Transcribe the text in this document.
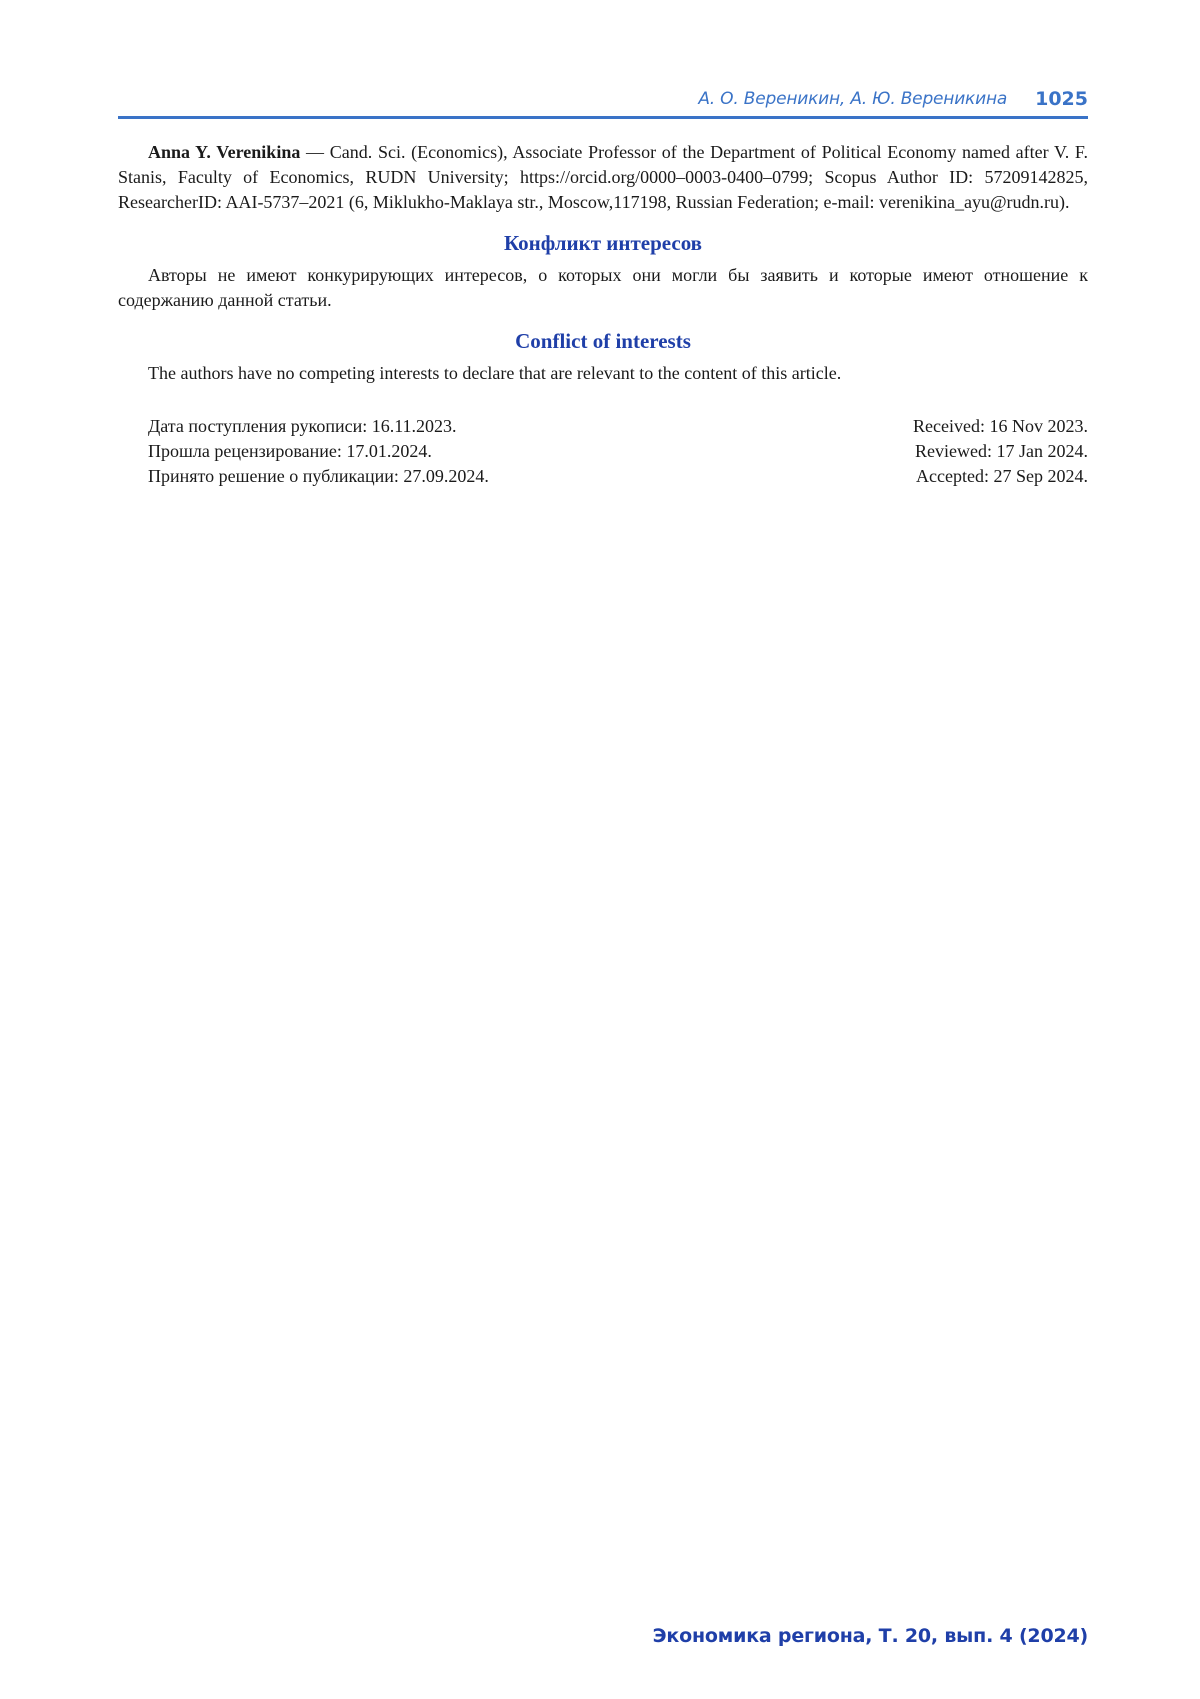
А. О. Вереникин, А. Ю. Вереникина 1025

Anna Y. Verenikina — Cand. Sci. (Economics), Associate Professor of the Department of Political Economy named after V. F. Stanis, Faculty of Economics, RUDN University; https://orcid.org/0000–0003-0400–0799; Scopus Author ID: 57209142825, ResearcherID: AAI-5737–2021 (6, Miklukho-Maklaya str., Moscow,117198, Russian Federation; e-mail: verenikina_ayu@rudn.ru).

Конфликт интересов

Авторы не имеют конкурирующих интересов, о которых они могли бы заявить и которые имеют отношение к содержанию данной статьи.

Conflict of interests

The authors have no competing interests to declare that are relevant to the content of this article.

Дата поступления рукописи: 16.11.2023.
Прошла рецензирование: 17.01.2024.
Принято решение о публикации: 27.09.2024.
Received: 16 Nov 2023.
Reviewed: 17 Jan 2024.
Accepted: 27 Sep 2024.
Экономика региона, Т. 20, вып. 4 (2024)
